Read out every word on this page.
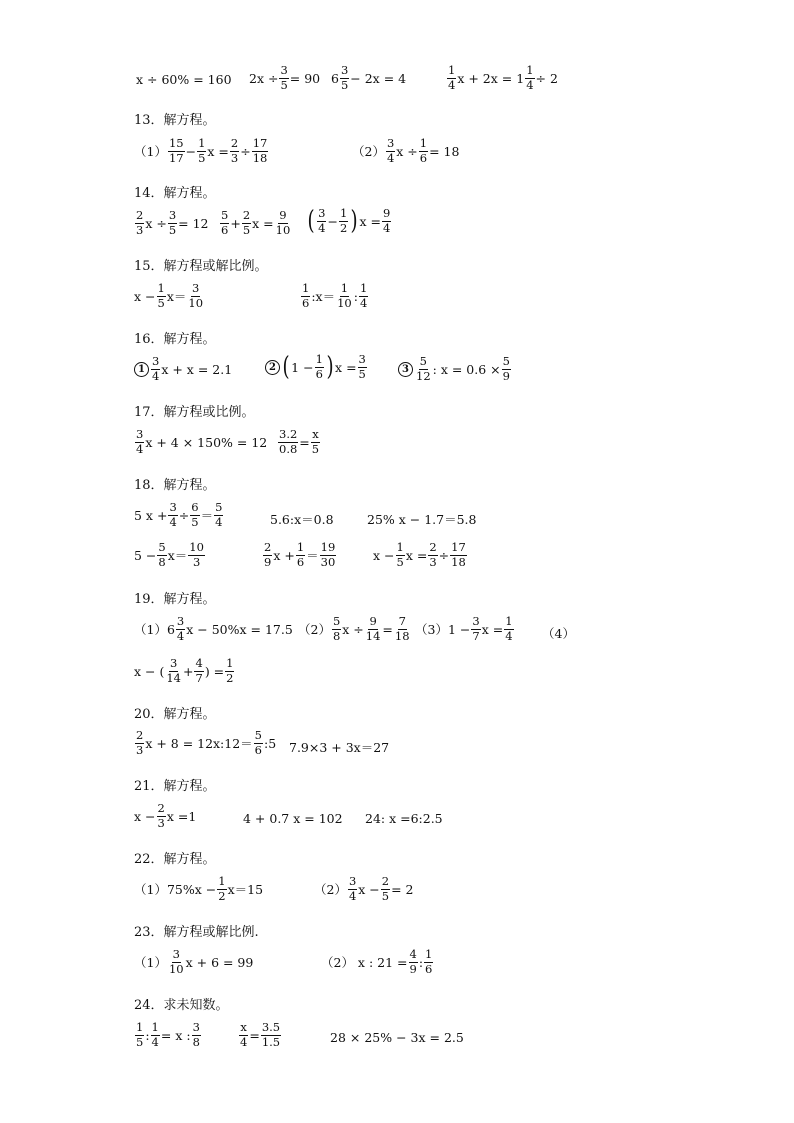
x ÷ 60% = 160 $2x \div \frac{3}{5} = 90$ $6 \frac{3}{5} - 2x = 4$	$\frac{1}{4}$ $x + 2x = 1 \frac{1}{4} \div 2$
13．解方程。
$(1) \frac{15}{17} - \frac{1}{5}$ $x = \frac{2}{3} \div \frac{17}{18}$	$(2) \frac{3}{4}$ $x \div \frac{1}{6} = 18$
14．解方程。
$\frac{2}{3}$ $x \div \frac{3}{5} = 12 \frac{5}{6} + \frac{2}{5}$ $x = \frac{9}{10}$ ( $\frac{3}{4} - \frac{1}{2}$ ) $x = \frac{9}{4}$
15．解方程或解比例。
$x - \frac{1}{5} x= \frac{3}{10}$	$\frac{1}{6}$ :x＝ $\frac{1}{10}$ : $\frac{1}{4}$
16．解方程。
$1 \frac{3}{4}$ x + x = 2.1	2 ( $1 - \frac{1}{6}$ ) $x = \frac{3}{5}$	$3 \frac{5}{12}$ : $x = 0.6 \times \frac{5}{9}$
17．解方程或比例。
$\frac{3}{4}$ $x + 4 \times 150\% = 12 \frac{3.2}{0.8} = \frac{x}{5}$
18．解方程。
5 $x + \frac{3}{4} \div \frac{6}{5} = \frac{5}{4}$	5.6:x＝0.8	25% x − 1.7＝5.8
$5 - \frac{5}{8} x= \frac{10}{3}$	$\frac{2}{9}$ $x + \frac{1}{6} = \frac{19}{30}$	$x - \frac{1}{5}$ $x = \frac{2}{3} \div \frac{17}{18}$
19．解方程。
$(1)6 \frac{3}{4}$ x − 50%x = 17.5 $(2) \frac{5}{8}$ $x \div \frac{9}{14} = \frac{7}{18} (3)1 - \frac{3}{7}$ $x = \frac{1}{4} (4)$
x − ( $\frac{3}{14} + \frac{4}{7}$ ) = $\frac{1}{2}$
20．解方程。
$\frac{2}{3}$ x + 8 = 12 x:12＝ $\frac{5}{6}$ :5 7.9×3 + 3x＝27
21．解方程。
$x - \frac{2}{3}$ x =1	4 + 0.7 x = 102 24: x =6:2.5
22．解方程。
$(1)75\%x - \frac{1}{2} x=15$	$(2) \frac{3}{4}$ $x - \frac{2}{5} = 2$
23．解方程或解比例.
$(1) \frac{3}{10}$ x + 6 = 99	（2） x : $21 = \frac{4}{9}$ : $\frac{1}{6}$
24．求未知数。
$\frac{1}{5}$ : $\frac{1}{4} = x$ : $\frac{3}{8}$	$\frac{x}{4} = \frac{3.5}{1.5}$	28 × 25% − 3x = 2.5
